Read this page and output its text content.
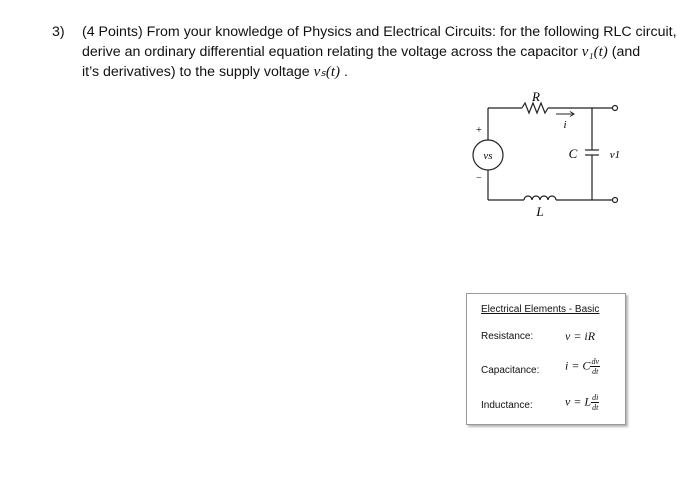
3) (4 Points) From your knowledge of Physics and Electrical Circuits: for the following RLC circuit,
derive an ordinary differential equation relating the voltage across the capacitor v₁(t) (and
it’s derivatives) to the supply voltage vₛ(t) .
R
i
C
L
vs	v1
+
−
Electrical Elements - Basic
Resistance:	v = iR
Capacitance: i = C $\frac{dv}{dt}$
Inductance:	v = L $\frac{di}{dt}$
